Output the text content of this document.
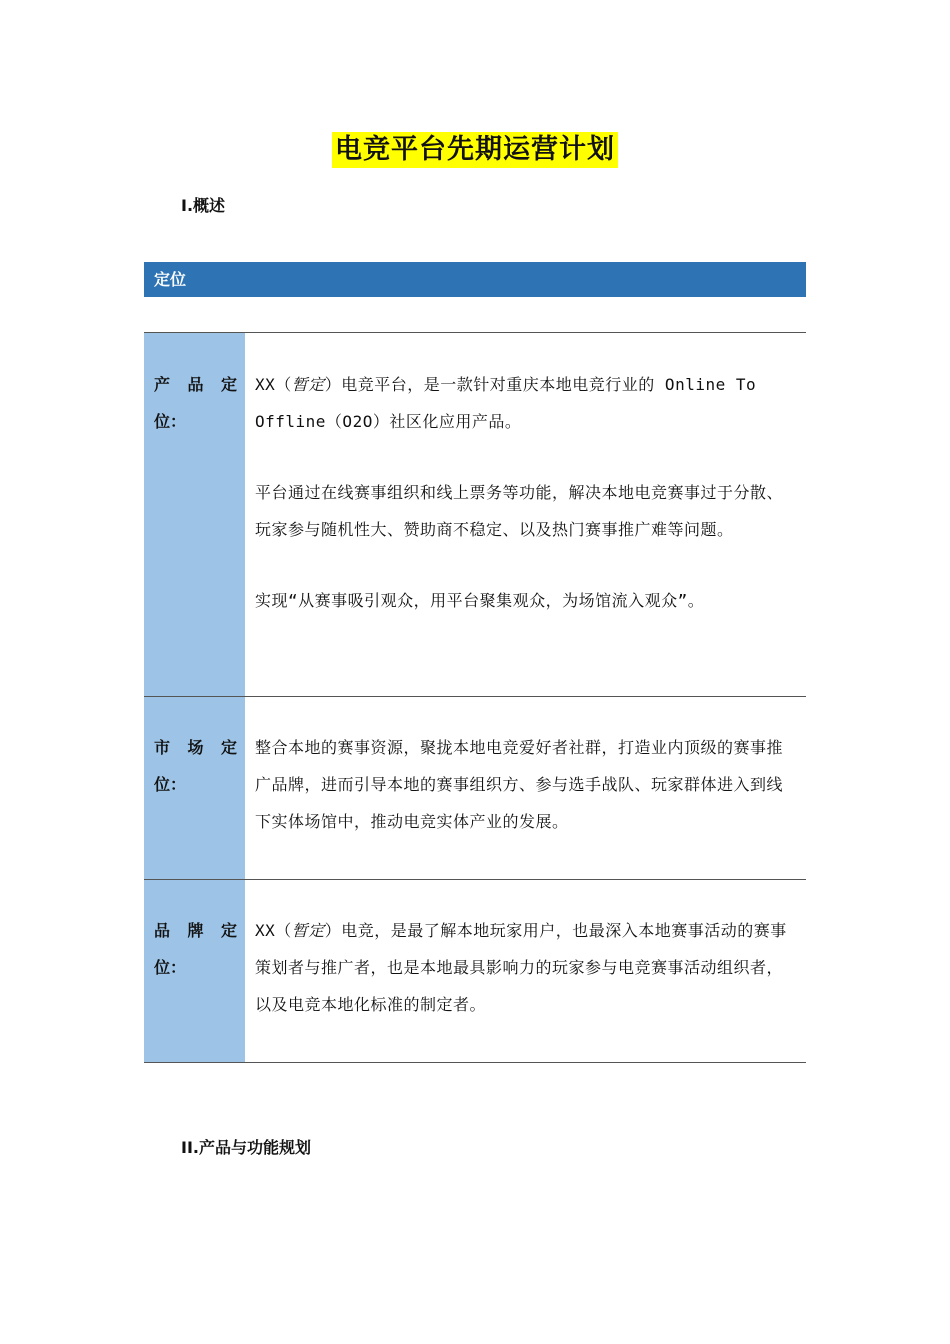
电竞平台先期运营计划
I.概述
定位
产 品 定
位：

XX（暂定）电竞平台，是一款针对重庆本地电竞行业的 Online To Offline（O2O）社区化应用产品。

平台通过在线赛事组织和线上票务等功能，解决本地电竞赛事过于分散、玩家参与随机性大、赞助商不稳定、以及热门赛事推广难等问题。

实现“从赛事吸引观众，用平台聚集观众，为场馆流入观众”。

市 场 定
位：

整合本地的赛事资源，聚拢本地电竞爱好者社群，打造业内顶级的赛事推广品牌，进而引导本地的赛事组织方、参与选手战队、玩家群体进入到线下实体场馆中，推动电竞实体产业的发展。

品 牌 定
位：

XX（暂定）电竞，是最了解本地玩家用户，也最深入本地赛事活动的赛事策划者与推广者，也是本地最具影响力的玩家参与电竞赛事活动组织者，以及电竞本地化标准的制定者。

II.产品与功能规划
